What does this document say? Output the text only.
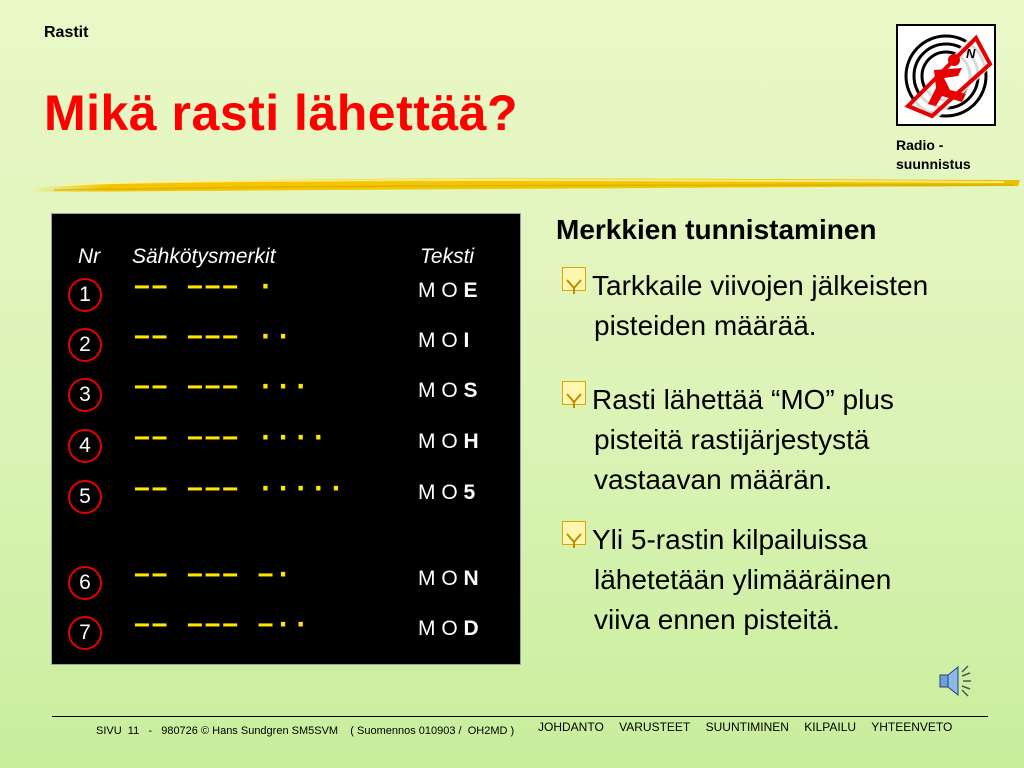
Rastit
Mikä rasti lähettää?
N
Radio -
suunnistus
Nr Sähkötysmerkit	Teksti
1	−− −−− ·	M O E
2	−− −−− ··	M O I
3	−− −−− ···	M O S
4	−− −−− ····	M O H
5	−− −−− ·····	M O 5
6	−− −−− −·	M O N
7	−− −−− −··	M O D
Merkkien tunnistaminen
Tarkkaile viivojen jälkeisten
pisteiden määrää.
Rasti lähettää “MO” plus
pisteitä rastijärjestystä
vastaavan määrän.
Yli 5-rastin kilpailuissa
lähetetään ylimääräinen
viiva ennen pisteitä.
SIVU  11   -   980726 © Hans Sundgren SM5SVM    ( Suomennos 010903 /  OH2MD ) JOHDANTO VARUSTEET SUUNTIMINEN KILPAILU YHTEENVETO
